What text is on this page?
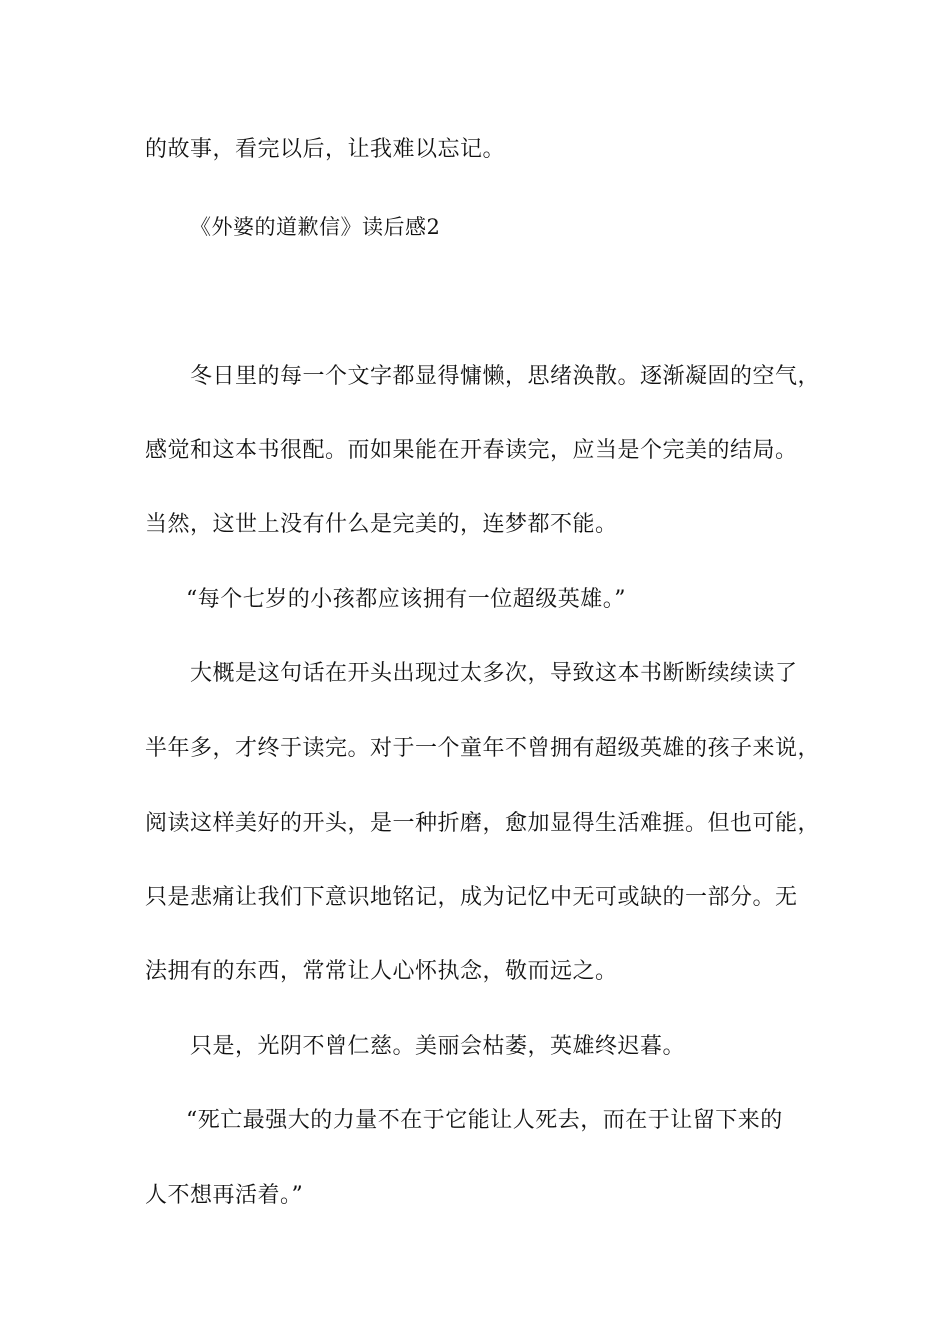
的故事，看完以后，让我难以忘记。
《外婆的道歉信》读后感2
冬日里的每一个文字都显得慵懒，思绪涣散。逐渐凝固的空气，
感觉和这本书很配。而如果能在开春读完，应当是个完美的结局。
当然，这世上没有什么是完美的，连梦都不能。
“每个七岁的小孩都应该拥有一位超级英雄。”
大概是这句话在开头出现过太多次，导致这本书断断续续读了
半年多，才终于读完。对于一个童年不曾拥有超级英雄的孩子来说，
阅读这样美好的开头，是一种折磨，愈加显得生活难捱。但也可能，
只是悲痛让我们下意识地铭记，成为记忆中无可或缺的一部分。无
法拥有的东西，常常让人心怀执念，敬而远之。
只是，光阴不曾仁慈。美丽会枯萎，英雄终迟暮。
“死亡最强大的力量不在于它能让人死去，而在于让留下来的
人不想再活着。”
